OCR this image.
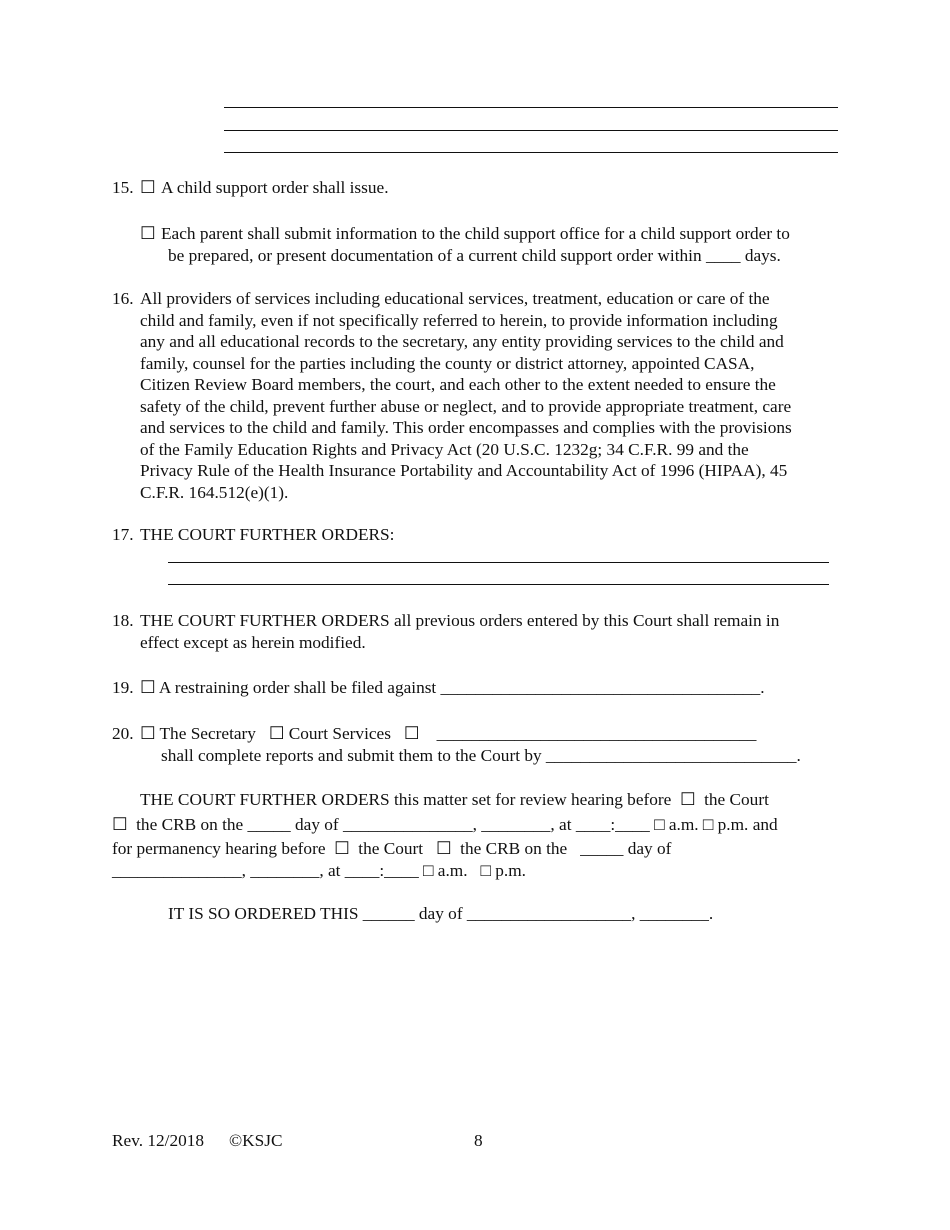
15. ☐ A child support order shall issue.
☐ Each parent shall submit information to the child support office for a child support order to
be prepared, or present documentation of a current child support order within ____ days.
16. All providers of services including educational services, treatment, education or care of the
child and family, even if not specifically referred to herein, to provide information including
any and all educational records to the secretary, any entity providing services to the child and
family, counsel for the parties including the county or district attorney, appointed CASA,
Citizen Review Board members, the court, and each other to the extent needed to ensure the
safety of the child, prevent further abuse or neglect, and to provide appropriate treatment, care
and services to the child and family. This order encompasses and complies with the provisions
of the Family Education Rights and Privacy Act (20 U.S.C. 1232g; 34 C.F.R. 99 and the
Privacy Rule of the Health Insurance Portability and Accountability Act of 1996 (HIPAA), 45
C.F.R. 164.512(e)(1).
17. THE COURT FURTHER ORDERS:
18. THE COURT FURTHER ORDERS all previous orders entered by this Court shall remain in
effect except as herein modified.
19. ☐ A restraining order shall be filed against _____________________________________.
20. ☐ The Secretary   ☐ Court Services   ☐    _____________________________________
shall complete reports and submit them to the Court by _____________________________.
THE COURT FURTHER ORDERS this matter set for review hearing before  ☐  the Court
☐  the CRB on the _____ day of _______________, ________, at ____:____ □ a.m. □ p.m. and
for permanency hearing before  ☐  the Court   ☐  the CRB on the   _____ day of
_______________, ________, at ____:____ □ a.m.   □ p.m.
IT IS SO ORDERED THIS ______ day of ___________________, ________.
Rev. 12/2018 ©KSJC	8
